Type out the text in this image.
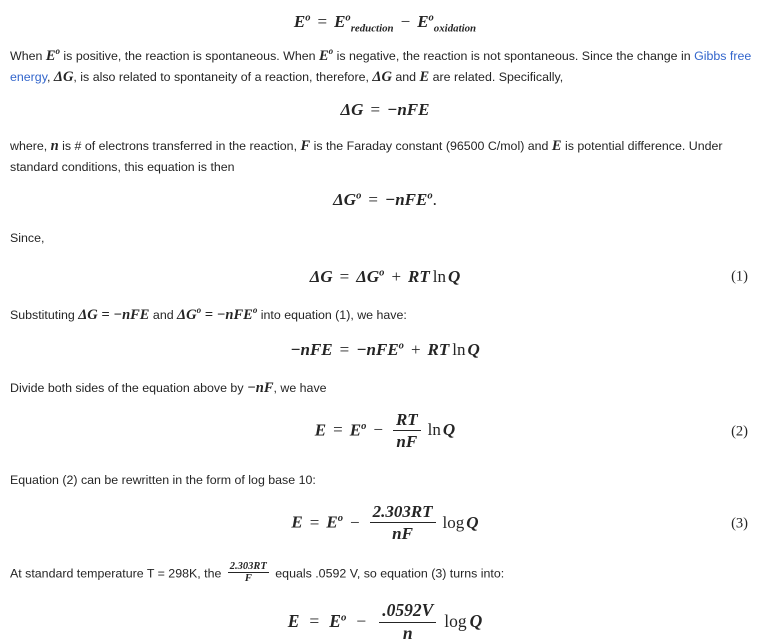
$E^o = E^o_{reduction} - E^o_{oxidation}$

When $E^o$ is positive, the reaction is spontaneous. When $E^o$ is negative, the reaction is not spontaneous. Since the change in Gibbs free energy, ΔG, is also related to spontaneity of a reaction, therefore, ΔG and E are related. Specifically,

ΔG = −nFE

where, n is # of electrons transferred in the reaction, F is the Faraday constant (96500 C/mol) and E is potential difference. Under standard conditions, this equation is then

$\Delta G^o = -nFE^o$.

Since,

$\Delta G = \Delta G^o$ + RT ln Q	(1)

Substituting ΔG = −nFE and $\Delta G^o = -nFE^o$ into equation (1), we have:

−nFE = −nFE$^o$ + RT ln Q

Divide both sides of the equation above by −nF, we have

$E = E^o - \frac{RT}{nF}$ ln Q	(2)

Equation (2) can be rewritten in the form of log base 10:

$E = E^o - \frac{2.303RT}{nF}$ log Q	(3)

At standard temperature T = 298K, the $\frac{2.303RT}{F}$ equals .0592 V, so equation (3) turns into:

$E = E^o - \frac{.0592V}{n}$ log Q
